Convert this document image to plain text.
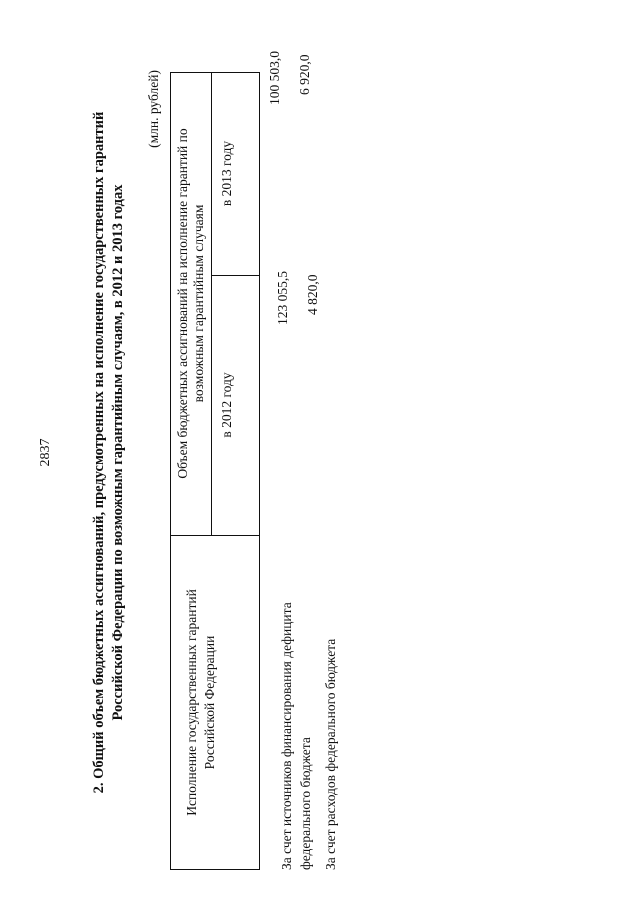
2837	2. Общий объем бюджетных ассигнований, предусмотренных на исполнение государственных гарантий Российской Федерации по возможным гарантийным случаям, в 2012 и 2013 годах
(млн. рублей)
Исполнение государственных гарантий Российской Федерации
Объем бюджетных ассигнований на исполнение гарантий по возможным гарантийным случаям
в 2012 году
в 2013 году
За счет источников финансирования дефицита федерального бюджета
123 055,5
100 503,0
За счет расходов федерального бюджета
4 820,0
6 920,0
